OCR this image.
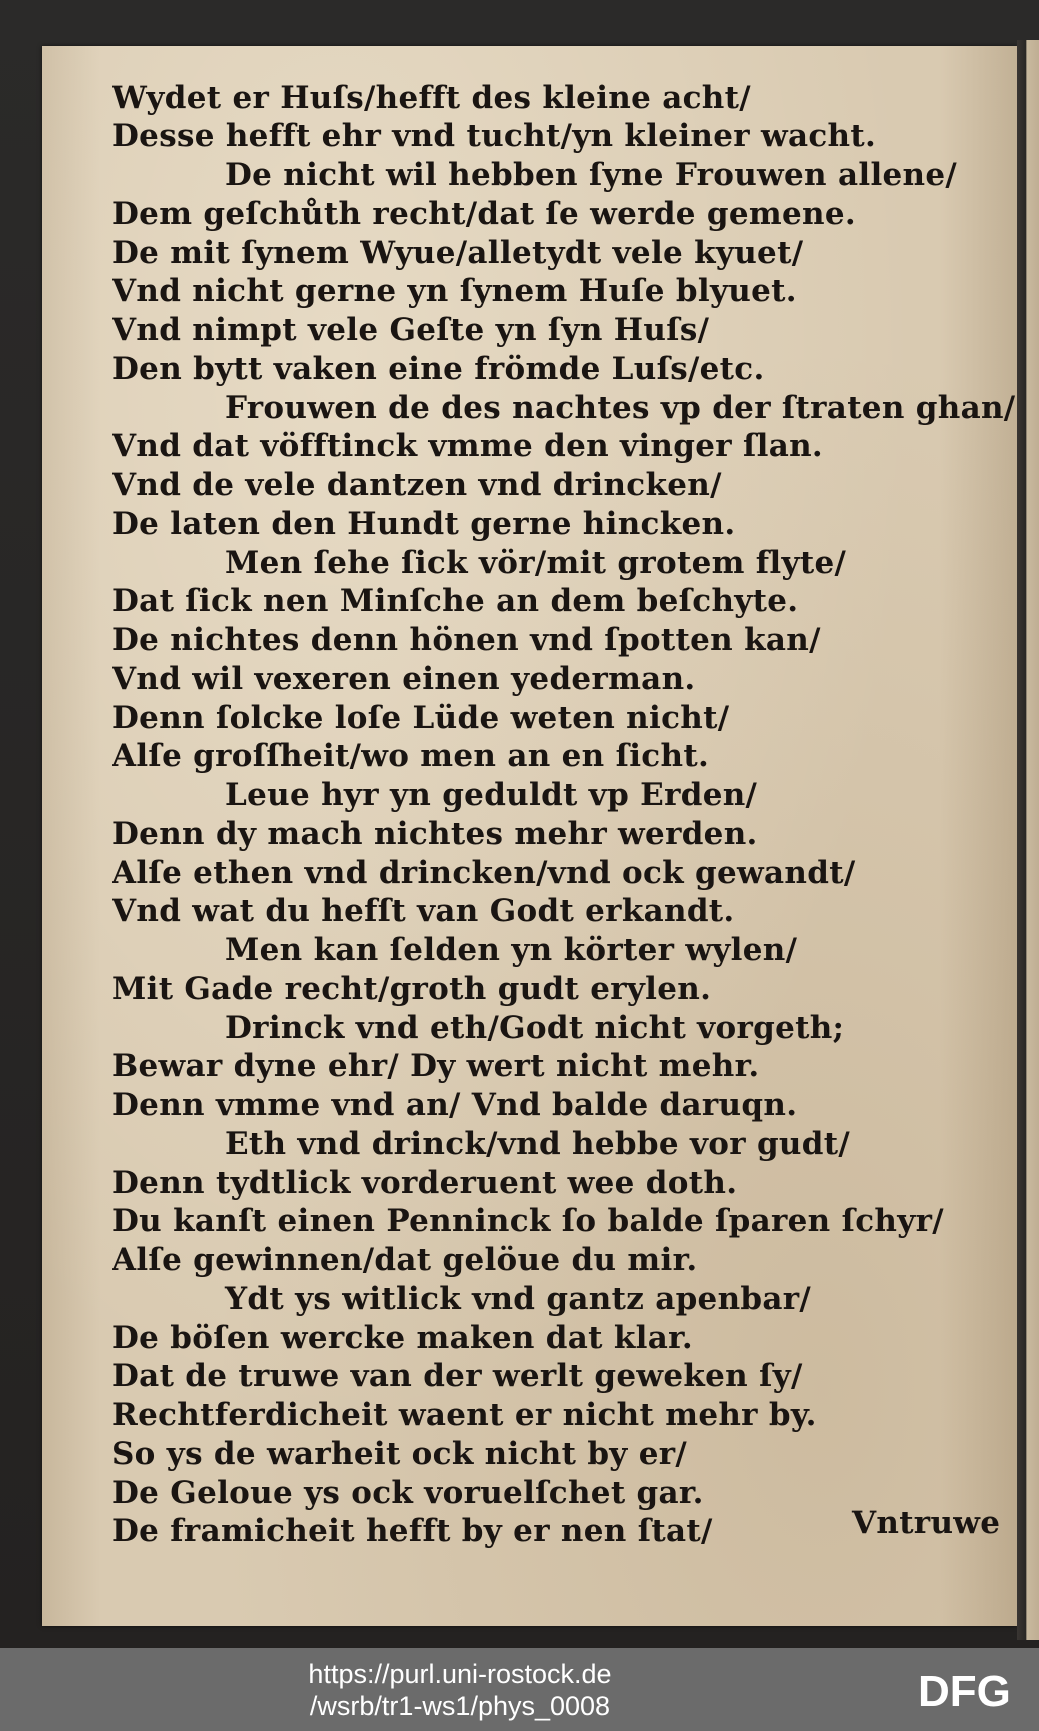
Wydet er Huſs/hefft des kleine acht/
Desse hefft ehr vnd tucht/yn kleiner wacht.
De nicht wil hebben ſyne Frouwen allene/
Dem geſchůth recht/dat ſe werde gemene.
De mit ſynem Wyue/alletydt vele kyuet/
Vnd nicht gerne yn ſynem Huſe blyuet.
Vnd nimpt vele Geſte yn ſyn Huſs/
Den bytt vaken eine frömde Luſs/etc.
Frouwen de des nachtes vp der ſtraten ghan/
Vnd dat vöfftinck vmme den vinger ſlan.
Vnd de vele dantzen vnd drincken/
De laten den Hundt gerne hincken.
Men ſehe ſick vör/mit grotem flyte/
Dat ſick nen Minſche an dem beſchyte.
De nichtes denn hönen vnd ſpotten kan/
Vnd wil vexeren einen yederman.
Denn ſolcke loſe Lüde weten nicht/
Alſe groſſheit/wo men an en ſicht.
Leue hyr yn geduldt vp Erden/
Denn dy mach nichtes mehr werden.
Alſe ethen vnd drincken/vnd ock gewandt/
Vnd wat du hefſt van Godt erkandt.
Men kan ſelden yn körter wylen/
Mit Gade recht/groth gudt erylen.
Drinck vnd eth/Godt nicht vorgeth;
Bewar dyne ehr/ Dy wert nicht mehr.
Denn vmme vnd an/ Vnd balde daruqn.
Eth vnd drinck/vnd hebbe vor gudt/
Denn tydtlick vorderuent wee doth.
Du kanſt einen Penninck ſo balde ſparen ſchyr/
Alſe gewinnen/dat gelöue du mir.
Ydt ys witlick vnd gantz apenbar/
De böſen wercke maken dat klar.
Dat de truwe van der werlt geweken ſy/
Rechtferdicheit waent er nicht mehr by.
So ys de warheit ock nicht by er/
De Geloue ys ock voruelſchet gar.
De framicheit hefft by er nen ſtat/	Vntruwe
https://purl.uni-rostock.de
/wsrb/tr1-ws1/phys_0008	DFG
